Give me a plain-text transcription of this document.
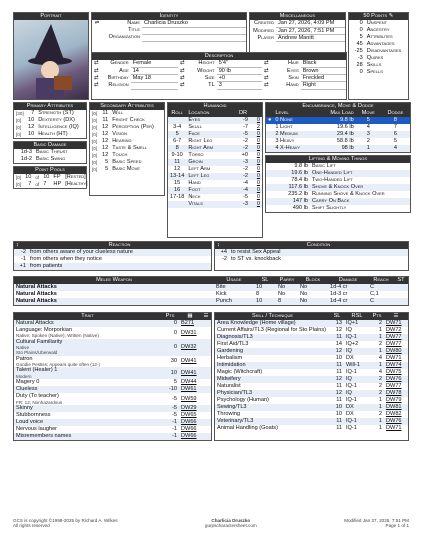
Portrait	Identity
⇄	Name	Charlicia Druszko
	Title	
	Organization	
Miscellaneous
Created	Jan 27, 2026, 4:09 PM
Modified	Jan 27, 2026, 7:51 PM
Player	Andrew Manitt
50 Points ✎
0	Unspent
0	Ancestry
5	Attributes
45	Advantages
-25	Disadvantages
-3	Quirks
28	Skills
0	Spells
Description
⇄	Gender	Female
⇄	Age	14
⇄	Birthday	May 18
⇄	Religion	
⇄	Height	5'4"
⇄	Weight	90 lb
⇄	Size	+0
⇄	TL	3
⇄	Hair	Black
⇄	Eyes	Brown
⇄	Skin	Freckled
⇄	Hand	Right
Primary Attributes
[30]	7	Strength (ST)
[0]	10	Dexterity (DX)
[0]	12	Intelligence (IQ)
[0]	10	Health (HT)
Basic Damage
1d-3	Basic Thrust
1d-2	Basic Swing
Point Pools
[0]	10	of	10	FP	[Rested]
[0]	7	of	7	HP	[Healthy]
Secondary Attributes
[0]	11	Will
[0]	11	Fright Check
[0]	12	Perception (Per)
[0]	12	Vision
[0]	12	Hearing
[0]	12	Taste & Smell
[0]	12	Touch
[0]	5	Basic Speed
[0]	5	Basic Move
Humanoid
Roll	Location	DR	
	Eyes	-9	0
3-4	Skull	-7	2
5	Face	-5	0
6-7	Right Leg	-2	0
8	Right Arm	-2	0
9-10	Torso	+0	0
11	Groin	-3	0
12	Left Arm	-2	0
13-14	Left Leg	-2	0
15	Hand	-4	0
16	Foot	-4	0
17-18	Neck	-5	0
	Vitals	-3	0
Encumbrance, Move & Dodge
	Level	Max Load	Move	Dodge
●	0 None	9.8 lb	5	8
	1 Light	19.6 lb	4	7
	2 Medium	29.4 lb	3	6
	3 Heavy	58.8 lb	2	5
	4 X-Heavy	98 lb	1	4
Lifting & Moving Things
9.8 lb	Basic Lift
19.6 lb	One-Handed Lift
78.4 lb	Two-Handed Lift
117.6 lb	Shove & Knock Over
235.2 lb	Running Shove & Knock Over
147 lb	Carry On Back
490 lb	Shift Slightly
↕	Reaction
-2	from others aware of your clueless nature
-1	from others when they notice
+1	from patients
↕	Condition
+4	to resist Sex Appeal
-2	to ST vs. knockback
Melee Weapon	Usage	SL	Parry	Block	Damage	Reach	ST
Natural Attacks	Bite	10	No	No	1d-4 cr	C	
Natural Attacks	Kick	8	No	No	1d-3 cr	C,1	
Natural Attacks	Punch	10	8	No	1d-4 cr	C	
Trait	Pts	▦	☰

Natural Attacks	0	B271	

Language: Morporkian
Native; Spoken (Native); Written (Native)	0	DW31	

Cultural Familiarity
Native
Sto Plains/Uberwald	0	DW32	

Patron
Goodie Pestiss; Appears quite often (12-)	30	DW41	

Talent (Healer) 1
Modern	10	DW41	

Magery 0	5	DW44	

Clueless	-10	DW61	

Duty (To teacher)
FR: 12; Nonhazardous	-5	DW59	

Skinny	-5	DW29	

Stubbornness	-5	DW65	

Loud voice	-1	DW66	

Nervous laugher	-1	DW66	

Misremembers names	-1	DW66	
Skill / Technique	SL	RSL	Pts	☰
Area Knowledge (Home village)	13	IQ+1	2	DW71
Current Affairs/TL3 (Regional for Sto Plains)	12	IQ	1	DW72
Diagnosis/TL3	11	IQ-1	1	DW77
First Aid/TL3	14	IQ+2	2	DW77
Gardening	12	IQ	1	DW80
Herbalism	10	DX	4	DW71
Intimidation	11	Will-1	1	DW74
Magic (Witchcraft)	11	IQ-1	4	DW75
Midwifery	12	IQ	2	DW76
Naturalist	11	IQ-1	2	DW77
Physician/TL3	12	IQ	2	DW78
Psychology (Human)	11	IQ-1	1	DW79
Sewing/TL3	10	DX	1	DW81
Throwing	10	DX	2	DW82
Veterinary/TL3	11	IQ-1	1	DW76
Animal Handling (Goats)	11	IQ-1	1	DW71
GCS is copyright ©1998-2025 by Richard A. Wilkes
All rights reserved
Charlicia Druszko
gurpscharactersheet.com
Modified Jan 27, 2026, 7:51 PM
Page 1 of 1
